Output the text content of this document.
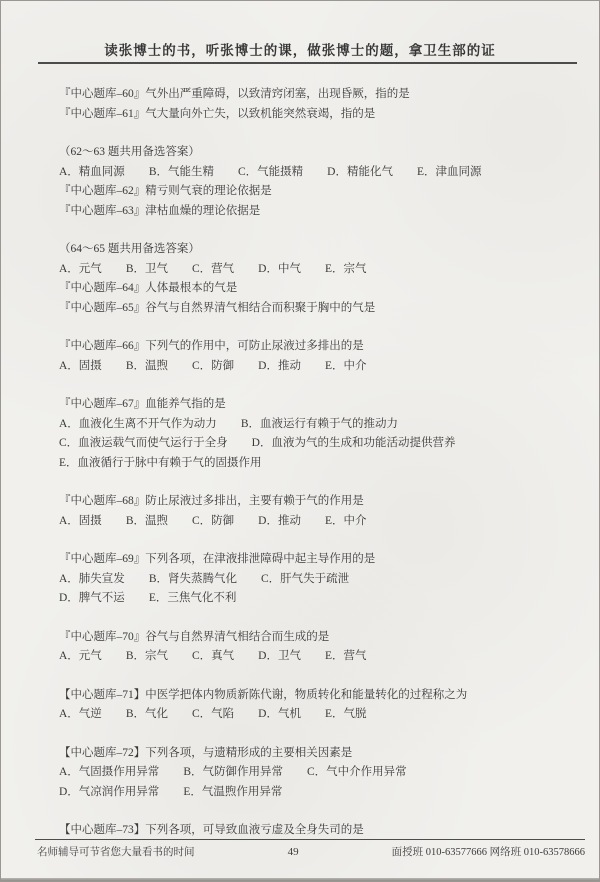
读张博士的书，听张博士的课，做张博士的题，拿卫生部的证
『中心题库–60』气外出严重障碍，以致清窍闭塞，出现昏厥，指的是
『中心题库–61』气大量向外亡失，以致机能突然衰竭，指的是
（62～63 题共用备选答案）
A．精血同源 B．气能生精 C．气能摄精 D．精能化气 E．津血同源
『中心题库–62』精亏则气衰的理论依据是
『中心题库–63』津枯血燥的理论依据是
（64～65 题共用备选答案）
A．元气 B．卫气 C．营气 D．中气 E．宗气
『中心题库–64』人体最根本的气是
『中心题库–65』谷气与自然界清气相结合而积聚于胸中的气是
『中心题库–66』下列气的作用中，可防止尿液过多排出的是
A．固摄 B．温煦 C．防御 D．推动 E．中介
『中心题库–67』血能养气指的是
A．血液化生离不开气作为动力 B．血液运行有赖于气的推动力
C．血液运载气而使气运行于全身 D．血液为气的生成和功能活动提供营养
E．血液循行于脉中有赖于气的固摄作用
『中心题库–68』防止尿液过多排出，主要有赖于气的作用是
A．固摄 B．温煦 C．防御 D．推动 E．中介
『中心题库–69』下列各项，在津液排泄障碍中起主导作用的是
A．肺失宣发 B．肾失蒸腾气化 C．肝气失于疏泄
D．脾气不运 E．三焦气化不利
『中心题库–70』谷气与自然界清气相结合而生成的是
A．元气 B．宗气 C．真气 D．卫气 E．营气
【中心题库–71】中医学把体内物质新陈代谢，物质转化和能量转化的过程称之为
A．气逆 B．气化 C．气陷 D．气机 E．气脱
【中心题库–72】下列各项，与遗精形成的主要相关因素是
A．气固摄作用异常 B．气防御作用异常 C．气中介作用异常
D．气凉润作用异常 E．气温煦作用异常
【中心题库–73】下列各项，可导致血液亏虚及全身失司的是
名师辅导可节省您大量看书的时间	49	面授班 010-63577666 网络班 010-63578666
